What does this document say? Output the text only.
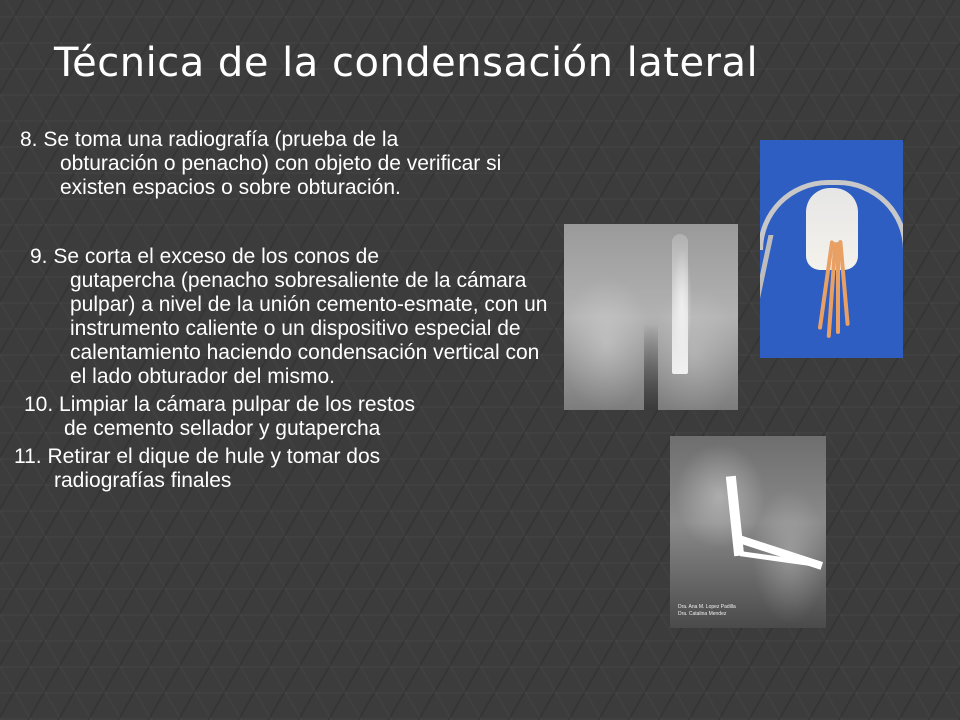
Técnica de la condensación lateral

8. Se toma una radiografía (prueba de la
obturación o penacho) con objeto de verificar si existen espacios o sobre obturación.

9. Se corta el exceso de los conos de
gutapercha (penacho sobresaliente de la cámara pulpar) a nivel de la unión cemento-esmate, con un instrumento caliente o un dispositivo especial de calentamiento haciendo condensación vertical con el lado obturador del mismo.

10. Limpiar la cámara pulpar de los restos
de cemento sellador y gutapercha

11. Retirar el dique de hule y tomar dos
radiografías finales

Dra. Ana M. Lopez Padilla
Dra. Catalina Mendez
